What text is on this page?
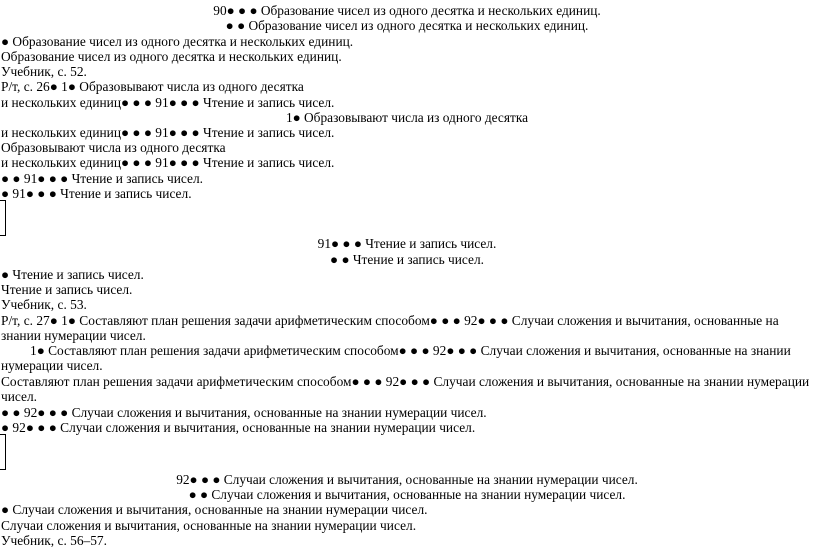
90● ● ● Образование чисел из одного десятка и нескольких единиц.
● ● Образование чисел из одного десятка и нескольких единиц.
● Образование чисел из одного десятка и нескольких единиц.
Образование чисел из одного десятка и нескольких единиц.
Учебник, с. 52.
Р/т, с. 26● 1● Образовывают числа из одного десятка
и нескольких единиц● ● ● 91● ● ● Чтение и запись чисел.
1● Образовывают числа из одного десятка
и нескольких единиц● ● ● 91● ● ● Чтение и запись чисел.
Образовывают числа из одного десятка
и нескольких единиц● ● ● 91● ● ● Чтение и запись чисел.
● ● 91● ● ● Чтение и запись чисел.
● 91● ● ● Чтение и запись чисел.
91● ● ● Чтение и запись чисел.
● ● Чтение и запись чисел.
● Чтение и запись чисел.
Чтение и запись чисел.
Учебник, с. 53.
Р/т, с. 27● 1● Составляют план решения задачи арифметическим способом● ● ● 92● ● ● Случаи сложения и вычитания, основанные на
знании нумерации чисел.
1● Составляют план решения задачи арифметическим способом● ● ● 92● ● ● Случаи сложения и вычитания, основанные на знании
нумерации чисел.
Составляют план решения задачи арифметическим способом● ● ● 92● ● ● Случаи сложения и вычитания, основанные на знании нумерации
чисел.
● ● 92● ● ● Случаи сложения и вычитания, основанные на знании нумерации чисел.
● 92● ● ● Случаи сложения и вычитания, основанные на знании нумерации чисел.
92● ● ● Случаи сложения и вычитания, основанные на знании нумерации чисел.
● ● Случаи сложения и вычитания, основанные на знании нумерации чисел.
● Случаи сложения и вычитания, основанные на знании нумерации чисел.
Случаи сложения и вычитания, основанные на знании нумерации чисел.
Учебник, с. 56–57.
